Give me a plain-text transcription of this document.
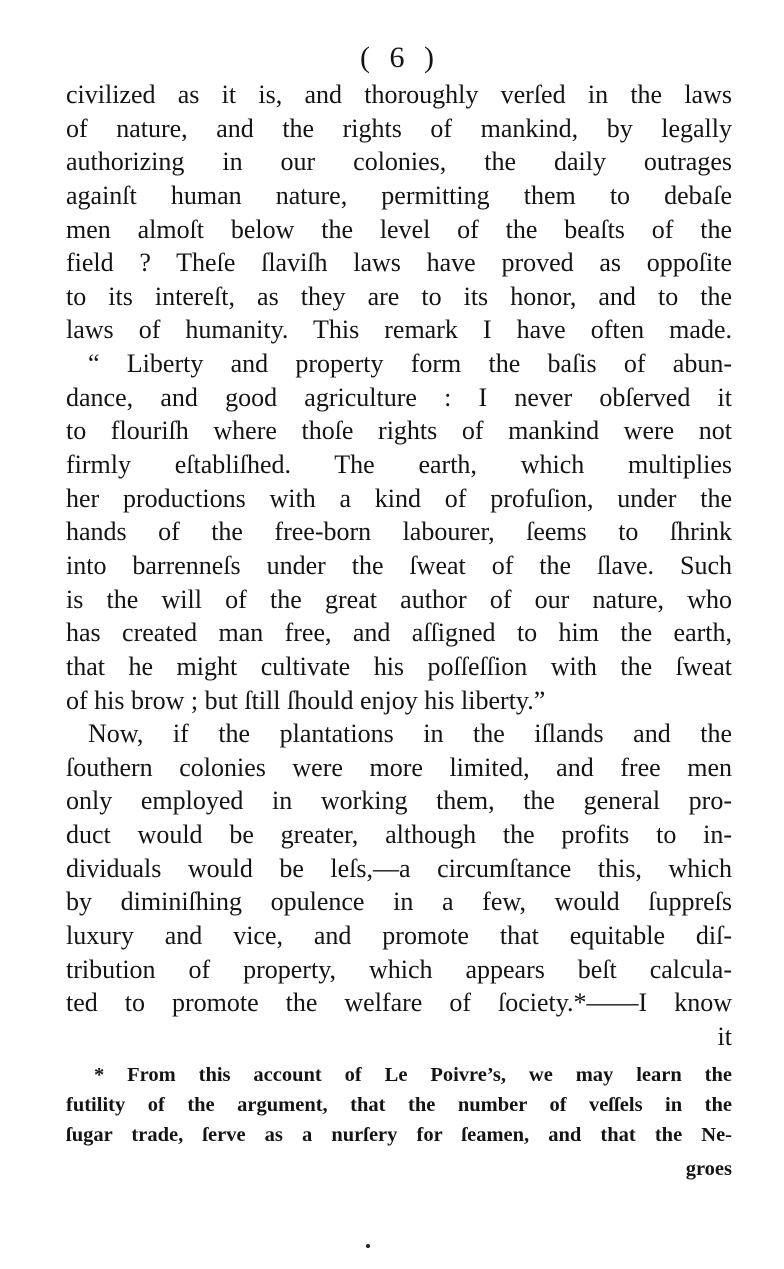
( 6 )
civilized as it is, and thoroughly verſed in the laws
of nature, and the rights of mankind, by legally
authorizing in our colonies, the daily outrages
againſt human nature, permitting them to debaſe
men almoſt below the level of the beaſts of the
field ? Theſe ſlaviſh laws have proved as oppoſite
to its intereſt, as they are to its honor, and to the
laws of humanity. This remark I have often made.
“ Liberty and property form the baſis of abun-
dance, and good agriculture : I never obſerved it
to flouriſh where thoſe rights of mankind were not
firmly eſtabliſhed. The earth, which multiplies
her productions with a kind of profuſion, under the
hands of the free-born labourer, ſeems to ſhrink
into barrenneſs under the ſweat of the ſlave. Such
is the will of the great author of our nature, who
has created man free, and aſſigned to him the earth,
that he might cultivate his poſſeſſion with the ſweat
of his brow ; but ſtill ſhould enjoy his liberty.”
Now, if the plantations in the iſlands and the
ſouthern colonies were more limited, and free men
only employed in working them, the general pro-
duct would be greater, although the profits to in-
dividuals would be leſs,—a circumſtance this, which
by diminiſhing opulence in a few, would ſuppreſs
luxury and vice, and promote that equitable diſ-
tribution of property, which appears beſt calcula-
ted to promote the welfare of ſociety.*——I know
it
* From this account of Le Poivre’s, we may learn the
futility of the argument, that the number of veſſels in the
ſugar trade, ſerve as a nurſery for ſeamen, and that the Ne-
groes
